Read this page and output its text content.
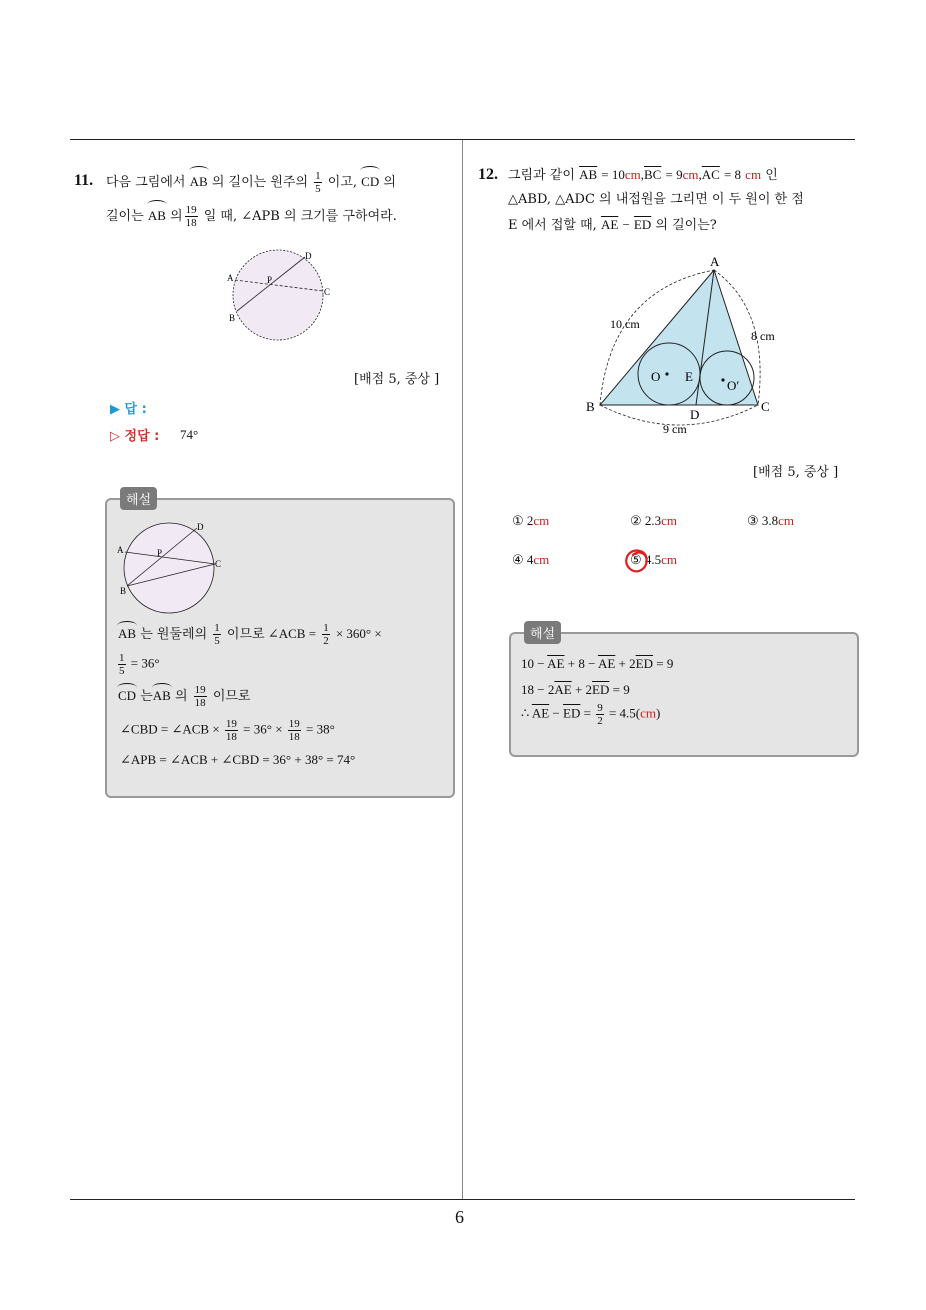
6
11. 다음 그림에서 AB 의 길이는 원주의 $\frac{1}{5}$ 이고, CD 의
길이는 AB 의 $\frac{19}{18}$ 일 때, ∠APB 의 크기를 구하여라.
A
B
C
D
P
[배점 5, 중상 ]
▶ 답 :
▷ 정답 : 74°
해설
A
B
C
D
P
AB 는 원둘레의 $\frac{1}{5}$ 이므로 ∠ACB = $\frac{1}{2} \times 360^\circ$ ×
$\frac{1}{5} = 36^\circ$
CD 는AB 의 $\frac{19}{18}$ 이므로
∠CBD = ∠ACB × $\frac{19}{18} = 36^\circ \times \frac{19}{18} = 38^\circ$
∠APB = ∠ACB + ∠CBD = 36° + 38° = 74°
12. 그림과 같이 $\overline{AB} = 10cm,\overline{BC} = 9cm,\overline{AC} = 8$ cm 인
△ABD, △ADC 의 내접원을 그리면 이 두 원이 한 점
E 에서 접할 때, $\overline{AE} - \overline{ED}$ 의 길이는?
A
B	C
D
E
O
O′
10 cm
8 cm
9 cm
[배점 5, 중상 ]
① 2cm	② 2.3cm	③ 3.8cm
④ 4cm	⑤ 4.5cm
해설
$10 - \overline{AE} + 8 - \overline{AE} + 2\overline{ED} = 9$
$18 - 2\overline{AE} + 2\overline{ED} = 9$
∴ $\overline{AE} - \overline{ED} = \frac{9}{2} = 4.5(cm)$
